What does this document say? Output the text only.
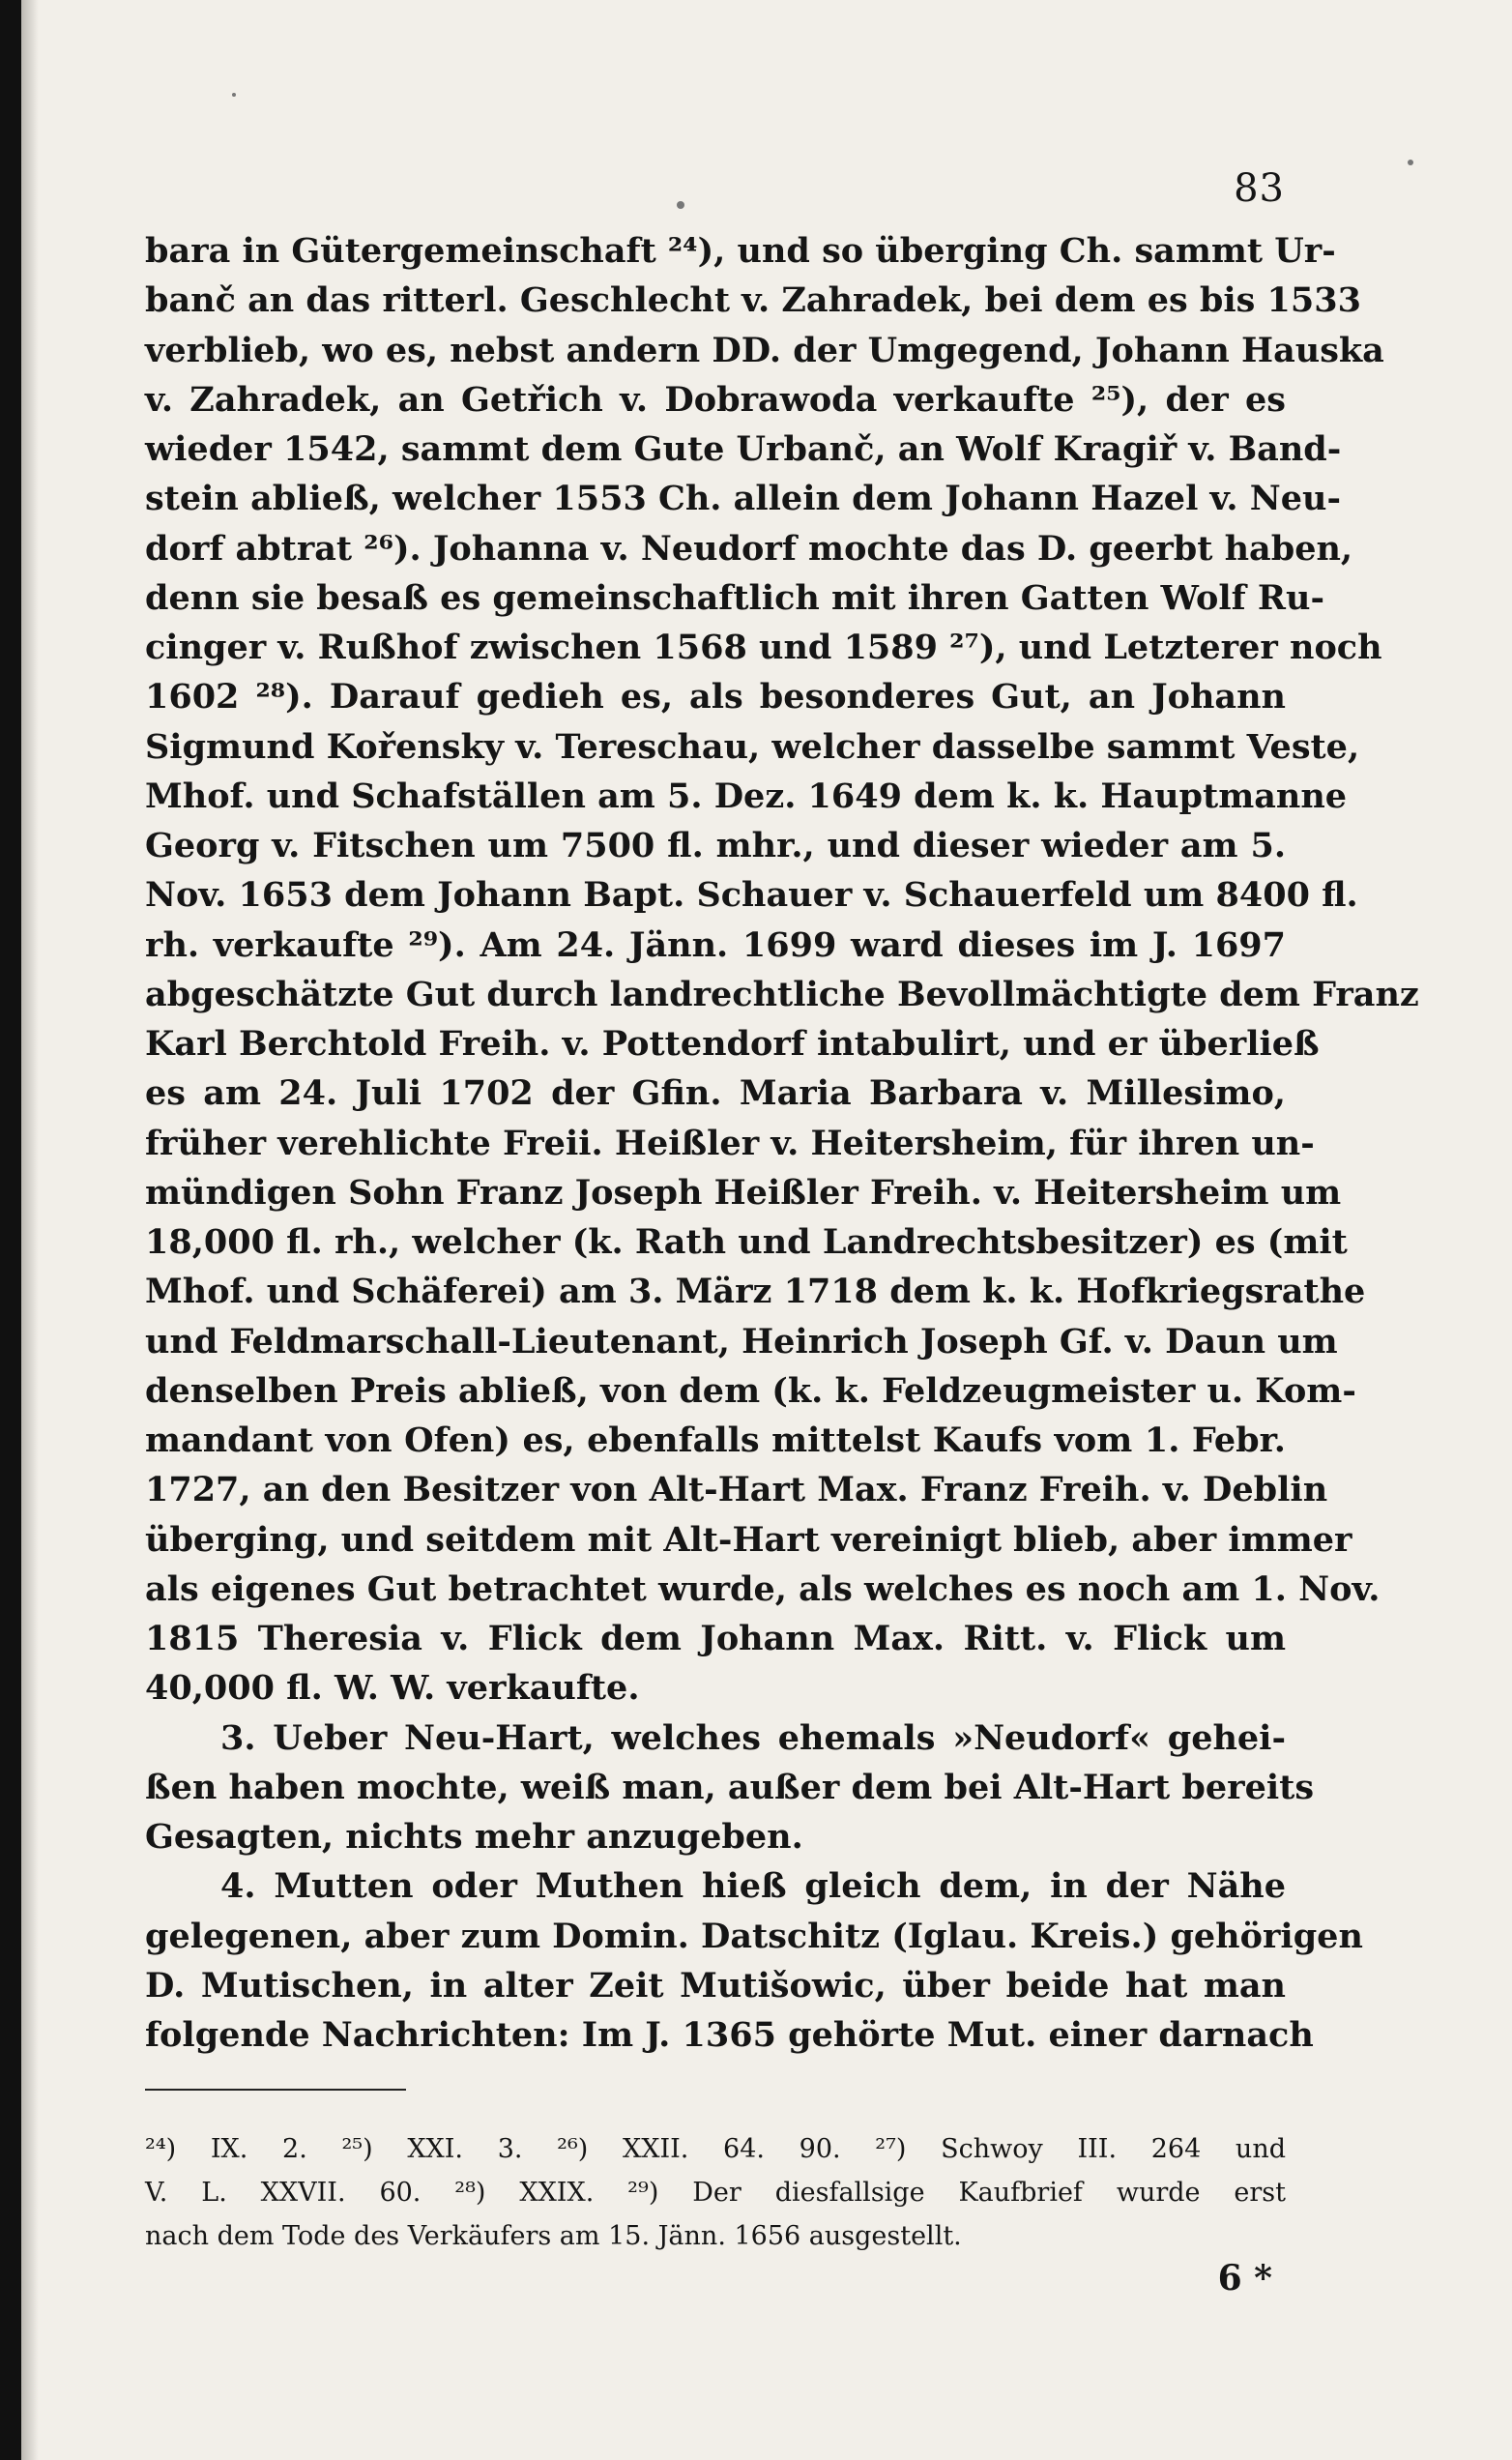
83
bara in Gütergemeinschaft ²⁴), und so überging Ch. sammt Ur-
banč an das ritterl. Geschlecht v. Zahradek, bei dem es bis 1533
verblieb, wo es, nebst andern DD. der Umgegend, Johann Hauska
v. Zahradek, an Getřich v. Dobrawoda verkaufte ²⁵), der es
wieder 1542, sammt dem Gute Urbanč, an Wolf Kragiř v. Band-
stein abließ, welcher 1553 Ch. allein dem Johann Hazel v. Neu-
dorf abtrat ²⁶). Johanna v. Neudorf mochte das D. geerbt haben,
denn sie besaß es gemeinschaftlich mit ihren Gatten Wolf Ru-
cinger v. Rußhof zwischen 1568 und 1589 ²⁷), und Letzterer noch
1602 ²⁸). Darauf gedieh es, als besonderes Gut, an Johann
Sigmund Kořensky v. Tereschau, welcher dasselbe sammt Veste,
Mhof. und Schafställen am 5. Dez. 1649 dem k. k. Hauptmanne
Georg v. Fitschen um 7500 fl. mhr., und dieser wieder am 5.
Nov. 1653 dem Johann Bapt. Schauer v. Schauerfeld um 8400 fl.
rh. verkaufte ²⁹). Am 24. Jänn. 1699 ward dieses im J. 1697
abgeschätzte Gut durch landrechtliche Bevollmächtigte dem Franz
Karl Berchtold Freih. v. Pottendorf intabulirt, und er überließ
es am 24. Juli 1702 der Gfin. Maria Barbara v. Millesimo,
früher verehlichte Freii. Heißler v. Heitersheim, für ihren un-
mündigen Sohn Franz Joseph Heißler Freih. v. Heitersheim um
18,000 fl. rh., welcher (k. Rath und Landrechtsbesitzer) es (mit
Mhof. und Schäferei) am 3. März 1718 dem k. k. Hofkriegsrathe
und Feldmarschall-Lieutenant, Heinrich Joseph Gf. v. Daun um
denselben Preis abließ, von dem (k. k. Feldzeugmeister u. Kom-
mandant von Ofen) es, ebenfalls mittelst Kaufs vom 1. Febr.
1727, an den Besitzer von Alt-Hart Max. Franz Freih. v. Deblin
überging, und seitdem mit Alt-Hart vereinigt blieb, aber immer
als eigenes Gut betrachtet wurde, als welches es noch am 1. Nov.
1815 Theresia v. Flick dem Johann Max. Ritt. v. Flick um
40,000 fl. W. W. verkaufte.
3. Ueber Neu-Hart, welches ehemals »Neudorf« gehei-
ßen haben mochte, weiß man, außer dem bei Alt-Hart bereits
Gesagten, nichts mehr anzugeben.
4. Mutten oder Muthen hieß gleich dem, in der Nähe
gelegenen, aber zum Domin. Datschitz (Iglau. Kreis.) gehörigen
D. Mutischen, in alter Zeit Mutišowic, über beide hat man
folgende Nachrichten: Im J. 1365 gehörte Mut. einer darnach
²⁴) IX. 2. ²⁵) XXI. 3. ²⁶) XXII. 64. 90. ²⁷) Schwoy III. 264 und
V. L. XXVII. 60. ²⁸) XXIX. ²⁹) Der diesfallsige Kaufbrief wurde erst
nach dem Tode des Verkäufers am 15. Jänn. 1656 ausgestellt.
6 *
